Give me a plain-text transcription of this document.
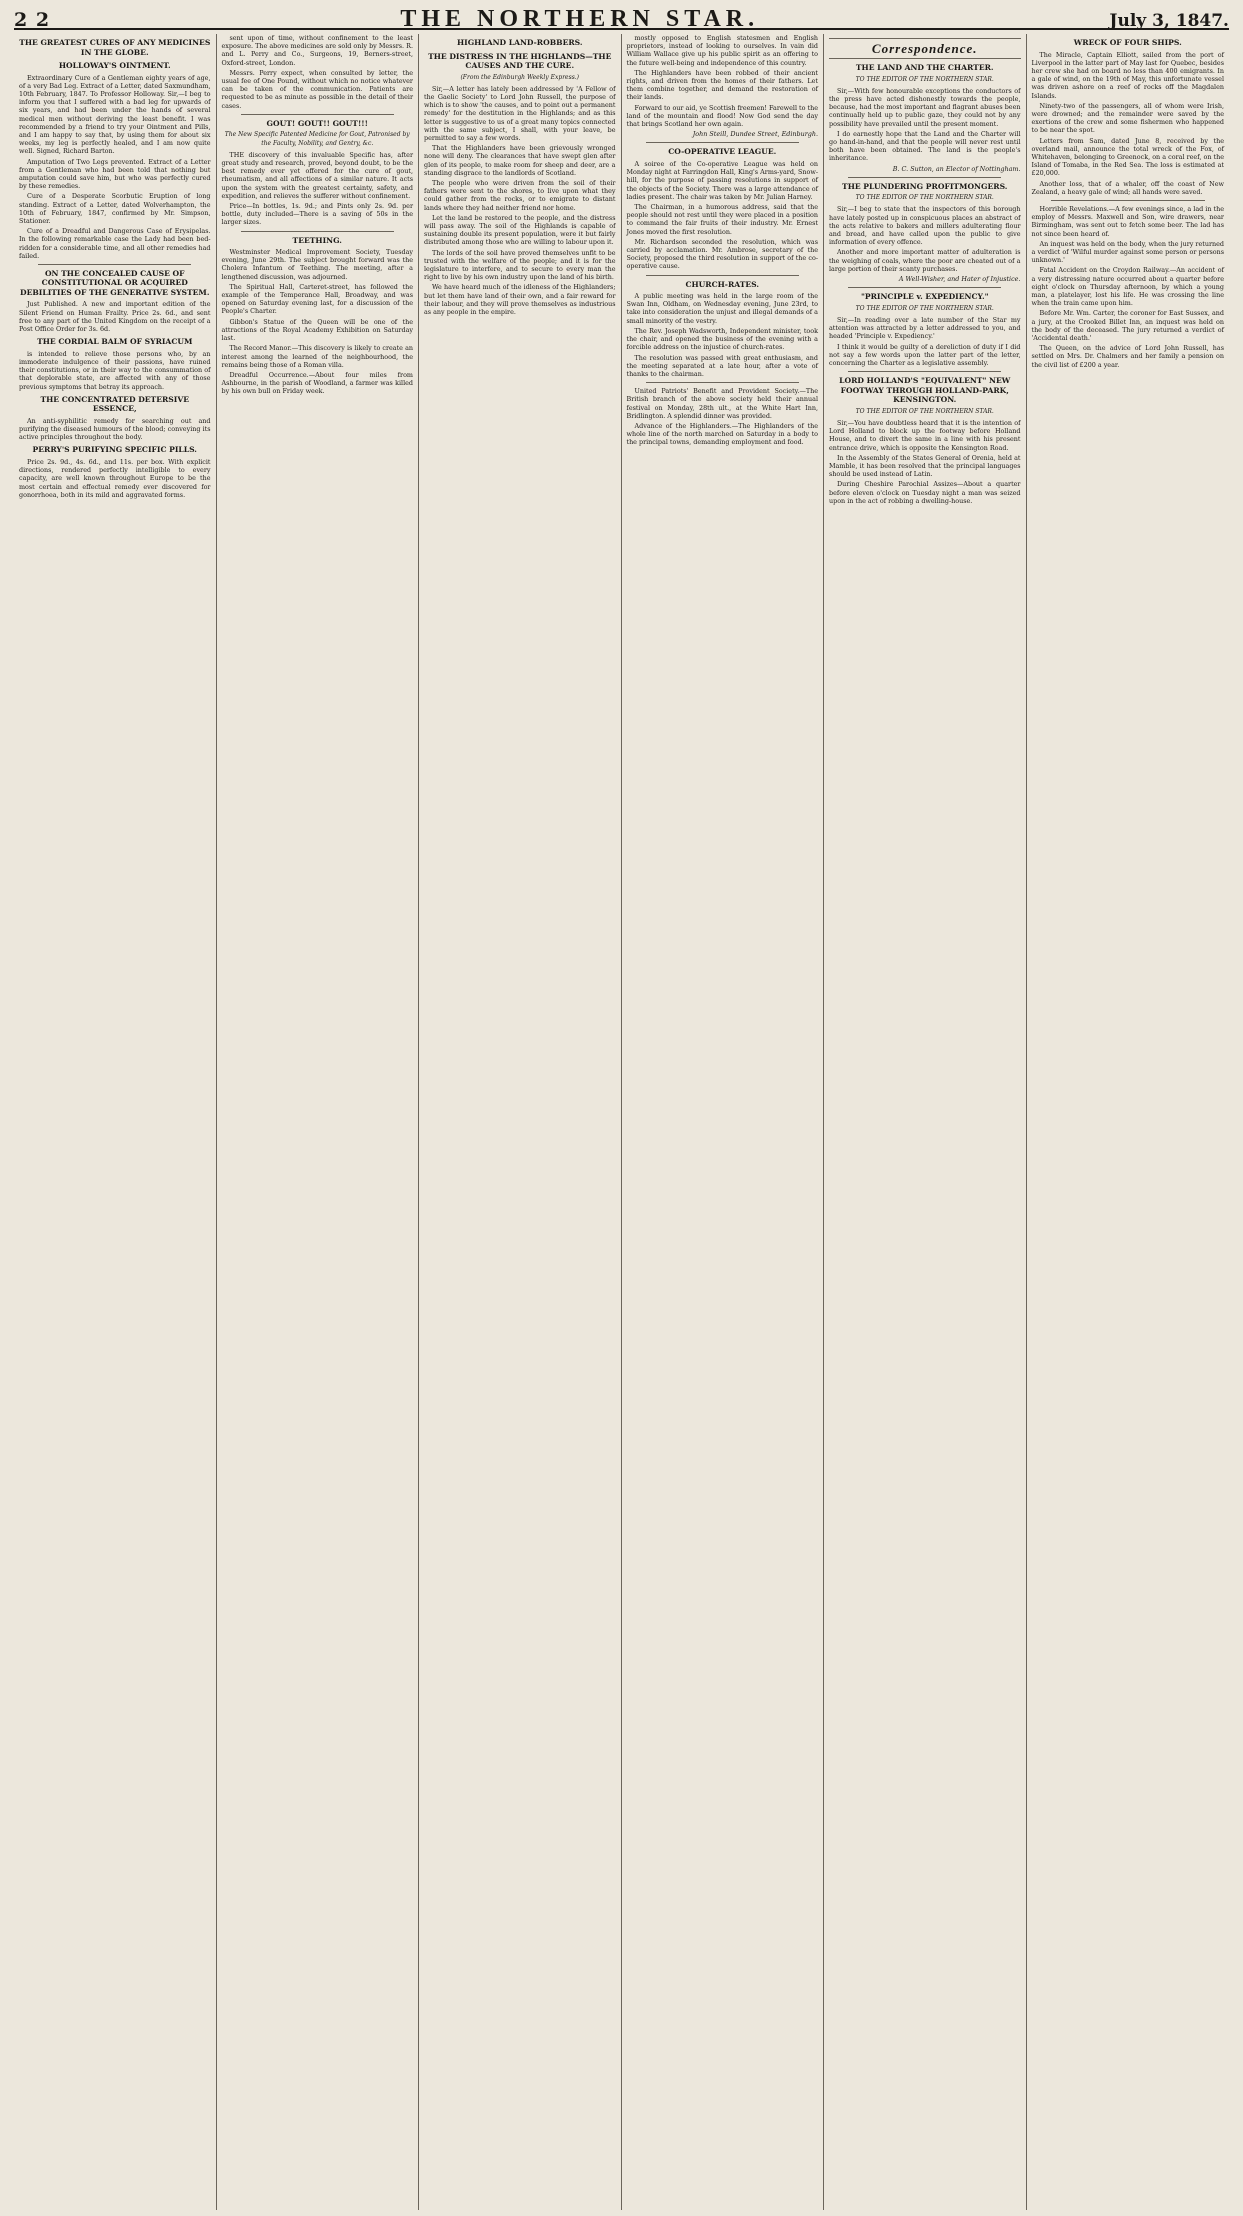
2 2	THE NORTHERN STAR.	July 3, 1847.

THE GREATEST CURES OF ANY MEDICINES IN THE GLOBE.

HOLLOWAY'S OINTMENT.

Extraordinary Cure of a Gentleman eighty years of age, of a very Bad Leg. Extract of a Letter, dated Saxmundham, 10th February, 1847. To Professor Holloway. Sir,—I beg to inform you that I suffered with a bad leg for upwards of six years, and had been under the hands of several medical men without deriving the least benefit. I was recommended by a friend to try your Ointment and Pills, and I am happy to say that, by using them for about six weeks, my leg is perfectly healed, and I am now quite well. Signed, Richard Barton.

Amputation of Two Legs prevented. Extract of a Letter from a Gentleman who had been told that nothing but amputation could save him, but who was perfectly cured by these remedies.

Cure of a Desperate Scorbutic Eruption of long standing. Extract of a Letter, dated Wolverhampton, the 10th of February, 1847, confirmed by Mr. Simpson, Stationer.

Cure of a Dreadful and Dangerous Case of Erysipelas. In the following remarkable case the Lady had been bed-ridden for a considerable time, and all other remedies had failed.

ON THE CONCEALED CAUSE OF CONSTITUTIONAL OR ACQUIRED DEBILITIES OF THE GENERATIVE SYSTEM.

Just Published. A new and important edition of the Silent Friend on Human Frailty. Price 2s. 6d., and sent free to any part of the United Kingdom on the receipt of a Post Office Order for 3s. 6d.

THE CORDIAL BALM OF SYRIACUM

is intended to relieve those persons who, by an immoderate indulgence of their passions, have ruined their constitutions, or in their way to the consummation of that deplorable state, are affected with any of those previous symptoms that betray its approach.

THE CONCENTRATED DETERSIVE ESSENCE,

An anti-syphilitic remedy for searching out and purifying the diseased humours of the blood; conveying its active principles throughout the body.

PERRY'S PURIFYING SPECIFIC PILLS.

Price 2s. 9d., 4s. 6d., and 11s. per box. With explicit directions, rendered perfectly intelligible to every capacity, are well known throughout Europe to be the most certain and effectual remedy ever discovered for gonorrhoea, both in its mild and aggravated forms.

sent upon of time, without confinement to the least exposure. The above medicines are sold only by Messrs. R. and L. Perry and Co., Surgeons, 19, Berners-street, Oxford-street, London.

Messrs. Perry expect, when consulted by letter, the usual fee of One Pound, without which no notice whatever can be taken of the communication. Patients are requested to be as minute as possible in the detail of their cases.

GOUT! GOUT!! GOUT!!!

The New Specific Patented Medicine for Gout, Patronised by the Faculty, Nobility, and Gentry, &c.

THE discovery of this invaluable Specific has, after great study and research, proved, beyond doubt, to be the best remedy ever yet offered for the cure of gout, rheumatism, and all affections of a similar nature. It acts upon the system with the greatest certainty, safety, and expedition, and relieves the sufferer without confinement.

Price—In bottles, 1s. 9d.; and Pints only 2s. 9d. per bottle, duty included—There is a saving of 50s in the larger sizes.

TEETHING.

Westminster Medical Improvement Society, Tuesday evening, June 29th. The subject brought forward was the Cholera Infantum of Teething. The meeting, after a lengthened discussion, was adjourned.

The Spiritual Hall, Carteret-street, has followed the example of the Temperance Hall, Broadway, and was opened on Saturday evening last, for a discussion of the People's Charter.

Gibbon's Statue of the Queen will be one of the attractions of the Royal Academy Exhibition on Saturday last.

The Record Manor.—This discovery is likely to create an interest among the learned of the neighbourhood, the remains being those of a Roman villa.

Dreadful Occurrence.—About four miles from Ashbourne, in the parish of Woodland, a farmer was killed by his own bull on Friday week.

HIGHLAND LAND-ROBBERS.

THE DISTRESS IN THE HIGHLANDS—THE CAUSES AND THE CURE.

(From the Edinburgh Weekly Express.)

Sir,—A letter has lately been addressed by 'A Fellow of the Gaelic Society' to Lord John Russell, the purpose of which is to show 'the causes, and to point out a permanent remedy' for the destitution in the Highlands; and as this letter is suggestive to us of a great many topics connected with the same subject, I shall, with your leave, be permitted to say a few words.

That the Highlanders have been grievously wronged none will deny. The clearances that have swept glen after glen of its people, to make room for sheep and deer, are a standing disgrace to the landlords of Scotland.

The people who were driven from the soil of their fathers were sent to the shores, to live upon what they could gather from the rocks, or to emigrate to distant lands where they had neither friend nor home.

Let the land be restored to the people, and the distress will pass away. The soil of the Highlands is capable of sustaining double its present population, were it but fairly distributed among those who are willing to labour upon it.

The lords of the soil have proved themselves unfit to be trusted with the welfare of the people; and it is for the legislature to interfere, and to secure to every man the right to live by his own industry upon the land of his birth.

We have heard much of the idleness of the Highlanders; but let them have land of their own, and a fair reward for their labour, and they will prove themselves as industrious as any people in the empire.

mostly opposed to English statesmen and English proprietors, instead of looking to ourselves. In vain did William Wallace give up his public spirit as an offering to the future well-being and independence of this country.

The Highlanders have been robbed of their ancient rights, and driven from the homes of their fathers. Let them combine together, and demand the restoration of their lands.

Forward to our aid, ye Scottish freemen! Farewell to the land of the mountain and flood! Now God send the day that brings Scotland her own again.

John Steill, Dundee Street, Edinburgh.

CO-OPERATIVE LEAGUE.

A soiree of the Co-operative League was held on Monday night at Farringdon Hall, King's Arms-yard, Snow-hill, for the purpose of passing resolutions in support of the objects of the Society. There was a large attendance of ladies present. The chair was taken by Mr. Julian Harney.

The Chairman, in a humorous address, said that the people should not rest until they were placed in a position to command the fair fruits of their industry. Mr. Ernest Jones moved the first resolution.

Mr. Richardson seconded the resolution, which was carried by acclamation. Mr. Ambrose, secretary of the Society, proposed the third resolution in support of the co-operative cause.

CHURCH-RATES.

A public meeting was held in the large room of the Swan Inn, Oldham, on Wednesday evening, June 23rd, to take into consideration the unjust and illegal demands of a small minority of the vestry.

The Rev. Joseph Wadsworth, Independent minister, took the chair, and opened the business of the evening with a forcible address on the injustice of church-rates.

The resolution was passed with great enthusiasm, and the meeting separated at a late hour, after a vote of thanks to the chairman.

United Patriots' Benefit and Provident Society.—The British branch of the above society held their annual festival on Monday, 28th ult., at the White Hart Inn, Bridlington. A splendid dinner was provided.

Advance of the Highlanders.—The Highlanders of the whole line of the north marched on Saturday in a body to the principal towns, demanding employment and food.

Correspondence.

THE LAND AND THE CHARTER.

TO THE EDITOR OF THE NORTHERN STAR.

Sir,—With few honourable exceptions the conductors of the press have acted dishonestly towards the people, because, had the most important and flagrant abuses been continually held up to public gaze, they could not by any possibility have prevailed until the present moment.

I do earnestly hope that the Land and the Charter will go hand-in-hand, and that the people will never rest until both have been obtained. The land is the people's inheritance.

B. C. Sutton, an Elector of Nottingham.

THE PLUNDERING PROFITMONGERS.

TO THE EDITOR OF THE NORTHERN STAR.

Sir,—I beg to state that the inspectors of this borough have lately posted up in conspicuous places an abstract of the acts relative to bakers and millers adulterating flour and bread, and have called upon the public to give information of every offence.

Another and more important matter of adulteration is the weighing of coals, where the poor are cheated out of a large portion of their scanty purchases.

A Well-Wisher, and Hater of Injustice.

"PRINCIPLE v. EXPEDIENCY."

TO THE EDITOR OF THE NORTHERN STAR.

Sir,—In reading over a late number of the Star my attention was attracted by a letter addressed to you, and headed 'Principle v. Expediency.'

I think it would be guilty of a dereliction of duty if I did not say a few words upon the latter part of the letter, concerning the Charter as a legislative assembly.

LORD HOLLAND'S "EQUIVALENT" NEW FOOTWAY THROUGH HOLLAND-PARK, KENSINGTON.

TO THE EDITOR OF THE NORTHERN STAR.

Sir,—You have doubtless heard that it is the intention of Lord Holland to block up the footway before Holland House, and to divert the same in a line with his present entrance drive, which is opposite the Kensington Road.

In the Assembly of the States General of Orenia, held at Mamble, it has been resolved that the principal languages should be used instead of Latin.

During Cheshire Parochial Assizes—About a quarter before eleven o'clock on Tuesday night a man was seized upon in the act of robbing a dwelling-house.

WRECK OF FOUR SHIPS.

The Miracle, Captain Elliott, sailed from the port of Liverpool in the latter part of May last for Quebec, besides her crew she had on board no less than 400 emigrants. In a gale of wind, on the 19th of May, this unfortunate vessel was driven ashore on a reef of rocks off the Magdalen Islands.

Ninety-two of the passengers, all of whom were Irish, were drowned; and the remainder were saved by the exertions of the crew and some fishermen who happened to be near the spot.

Letters from Sam, dated June 8, received by the overland mail, announce the total wreck of the Fox, of Whitehaven, belonging to Greenock, on a coral reef, on the Island of Tomaba, in the Red Sea. The loss is estimated at £20,000.

Another loss, that of a whaler, off the coast of New Zealand, a heavy gale of wind; all hands were saved.

Horrible Revelations.—A few evenings since, a lad in the employ of Messrs. Maxwell and Son, wire drawers, near Birmingham, was sent out to fetch some beer. The lad has not since been heard of.

An inquest was held on the body, when the jury returned a verdict of 'Wilful murder against some person or persons unknown.'

Fatal Accident on the Croydon Railway.—An accident of a very distressing nature occurred about a quarter before eight o'clock on Thursday afternoon, by which a young man, a platelayer, lost his life. He was crossing the line when the train came upon him.

Before Mr. Wm. Carter, the coroner for East Sussex, and a jury, at the Crooked Billet Inn, an inquest was held on the body of the deceased. The jury returned a verdict of 'Accidental death.'

The Queen, on the advice of Lord John Russell, has settled on Mrs. Dr. Chalmers and her family a pension on the civil list of £200 a year.
